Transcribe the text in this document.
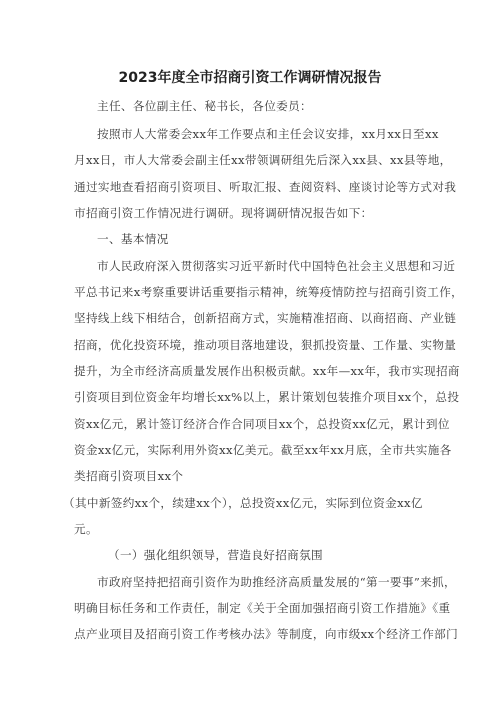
2023年度全市招商引资工作调研情况报告
主任、各位副主任、秘书长，各位委员：
按照市人大常委会xx年工作要点和主任会议安排，xx月xx日至xx
月xx日，市人大常委会副主任xx带领调研组先后深入xx县、xx县等地，
通过实地查看招商引资项目、听取汇报、查阅资料、座谈讨论等方式对我
市招商引资工作情况进行调研。现将调研情况报告如下：
一、基本情况
市人民政府深入贯彻落实习近平新时代中国特色社会主义思想和习近
平总书记来x考察重要讲话重要指示精神，统筹疫情防控与招商引资工作，
坚持线上线下相结合，创新招商方式，实施精准招商、以商招商、产业链
招商，优化投资环境，推动项目落地建设，狠抓投资量、工作量、实物量
提升，为全市经济高质量发展作出积极贡献。xx年—xx年，我市实现招商
引资项目到位资金年均增长xx%以上，累计策划包装推介项目xx个，总投
资xx亿元，累计签订经济合作合同项目xx个，总投资xx亿元，累计到位
资金xx亿元，实际利用外资xx亿美元。截至xx年xx月底，全市共实施各
类招商引资项目xx个
（其中新签约xx个，续建xx个），总投资xx亿元，实际到位资金xx亿
元。
（一）强化组织领导，营造良好招商氛围
市政府坚持把招商引资作为助推经济高质量发展的“第一要事”来抓，
明确目标任务和工作责任，制定《关于全面加强招商引资工作措施》《重
点产业项目及招商引资工作考核办法》等制度，向市级xx个经济工作部门
